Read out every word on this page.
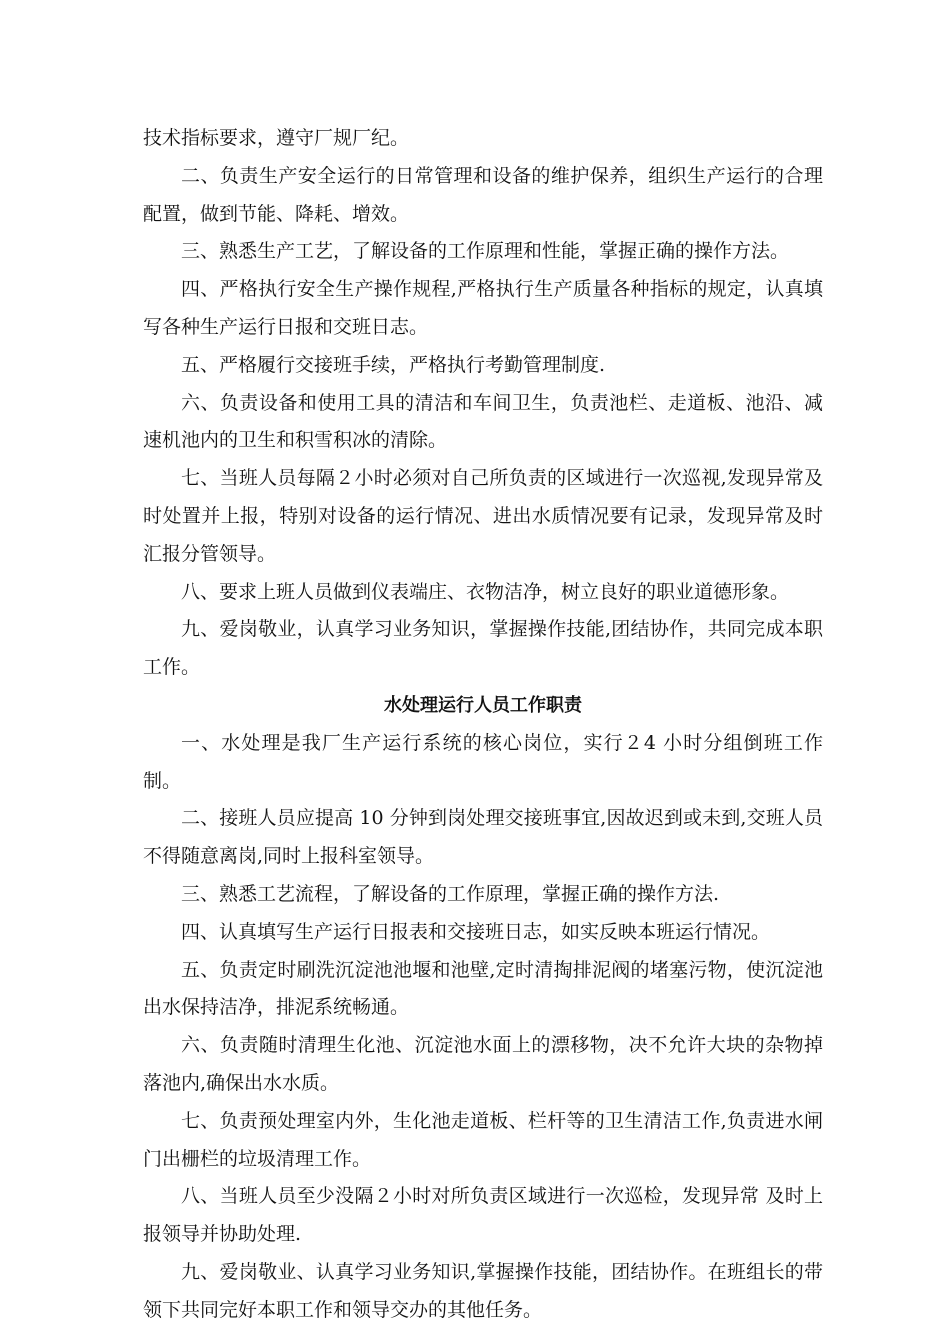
技术指标要求，遵守厂规厂纪。

二、负责生产安全运行的日常管理和设备的维护保养，组织生产运行的合理配置，做到节能、降耗、增效。

三、熟悉生产工艺，了解设备的工作原理和性能，掌握正确的操作方法。

四、严格执行安全生产操作规程,严格执行生产质量各种指标的规定，认真填写各种生产运行日报和交班日志。

五、严格履行交接班手续，严格执行考勤管理制度.

六、负责设备和使用工具的清洁和车间卫生，负责池栏、走道板、池沿、减速机池内的卫生和积雪积冰的清除。

七、当班人员每隔２小时必须对自己所负责的区域进行一次巡视,发现异常及时处置并上报，特别对设备的运行情况、进出水质情况要有记录，发现异常及时汇报分管领导。

八、要求上班人员做到仪表端庄、衣物洁净，树立良好的职业道德形象。

九、爱岗敬业，认真学习业务知识，掌握操作技能,团结协作，共同完成本职工作。

水处理运行人员工作职责

一、水处理是我厂生产运行系统的核心岗位，实行２4 小时分组倒班工作制。

二、接班人员应提高 10 分钟到岗处理交接班事宜,因故迟到或未到,交班人员不得随意离岗,同时上报科室领导。

三、熟悉工艺流程，了解设备的工作原理，掌握正确的操作方法.

四、认真填写生产运行日报表和交接班日志，如实反映本班运行情况。

五、负责定时刷洗沉淀池池堰和池壁,定时清掏排泥阀的堵塞污物，使沉淀池出水保持洁净，排泥系统畅通。

六、负责随时清理生化池、沉淀池水面上的漂移物，决不允许大块的杂物掉落池内,确保出水水质。

七、负责预处理室内外，生化池走道板、栏杆等的卫生清洁工作,负责进水闸门出栅栏的垃圾清理工作。

八、当班人员至少没隔２小时对所负责区域进行一次巡检，发现异常 及时上报领导并协助处理.

九、爱岗敬业、认真学习业务知识,掌握操作技能，团结协作。在班组长的带领下共同完好本职工作和领导交办的其他任务。
